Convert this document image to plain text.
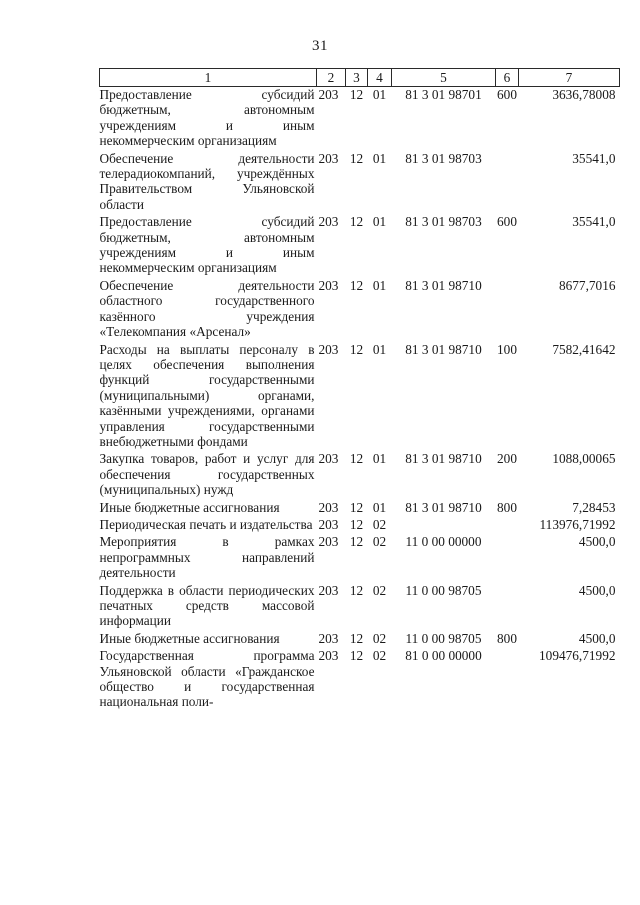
31
1	2	3	4	5	6	7
Предоставление субсидий бюджетным, автономным учреждениям и иным некоммерческим организациям	203	12	01	81 3 01 98701	600	3636,78008
Обеспечение деятельности телерадиокомпаний, учреждённых Правительством Ульяновской области	203	12	01	81 3 01 98703		35541,0
Предоставление субсидий бюджетным, автономным учреждениям и иным некоммерческим организациям	203	12	01	81 3 01 98703	600	35541,0
Обеспечение деятельности областного государственного казённого учреждения «Телекомпания «Арсенал»	203	12	01	81 3 01 98710		8677,7016
Расходы на выплаты персоналу в целях обеспечения выполнения функций государственными (муниципальными) органами, казёнными учреждениями, органами управления государственными внебюджетными фондами	203	12	01	81 3 01 98710	100	7582,41642
Закупка товаров, работ и услуг для обеспечения государственных (муниципальных) нужд	203	12	01	81 3 01 98710	200	1088,00065
Иные бюджетные ассигнования	203	12	01	81 3 01 98710	800	7,28453
Периодическая печать и издательства	203	12	02			113976,71992
Мероприятия в рамках непрограммных направлений деятельности	203	12	02	11 0 00 00000		4500,0
Поддержка в области периодических печатных средств массовой информации	203	12	02	11 0 00 98705		4500,0
Иные бюджетные ассигнования	203	12	02	11 0 00 98705	800	4500,0
Государственная программа Ульяновской области «Гражданское общество и государственная национальная поли-	203	12	02	81 0 00 00000		109476,71992
